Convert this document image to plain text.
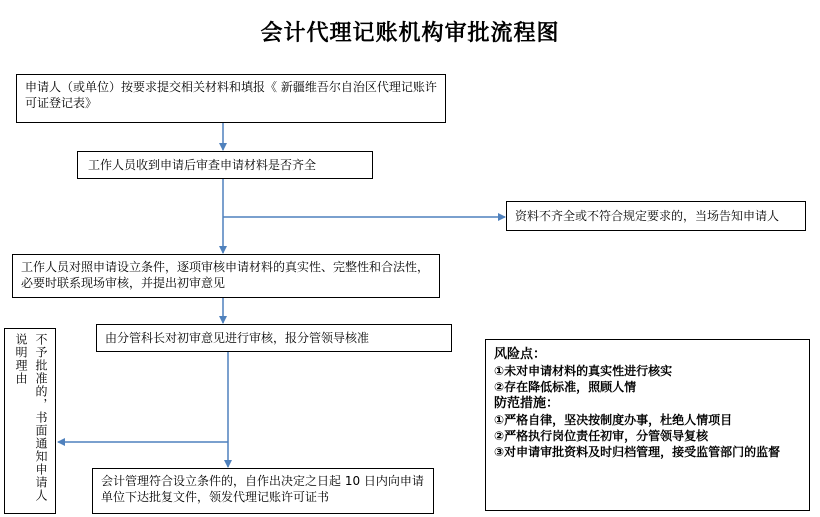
会计代理记账机构审批流程图
申请人（或单位）按要求提交相关材料和填报《 新疆维吾尔自治区代理记账许可证登记表》
工作人员收到申请后审查申请材料是否齐全
资料不齐全或不符合规定要求的，当场告知申请人
工作人员对照申请设立条件，逐项审核申请材料的真实性、完整性和合法性，必要时联系现场审核，并提出初审意见
由分管科长对初审意见进行审核，报分管领导核准
会计管理符合设立条件的，自作出决定之日起 10 日内向申请单位下达批复文件，领发代理记账许可证书
不予批准的，书面通知申请人
说明理由	风险点：
①未对申请材料的真实性进行核实
②存在降低标准，照顾人情
防范措施：
①严格自律，坚决按制度办事，杜绝人情项目
②严格执行岗位责任初审，分管领导复核
③对申请审批资料及时归档管理，接受监管部门的监督
